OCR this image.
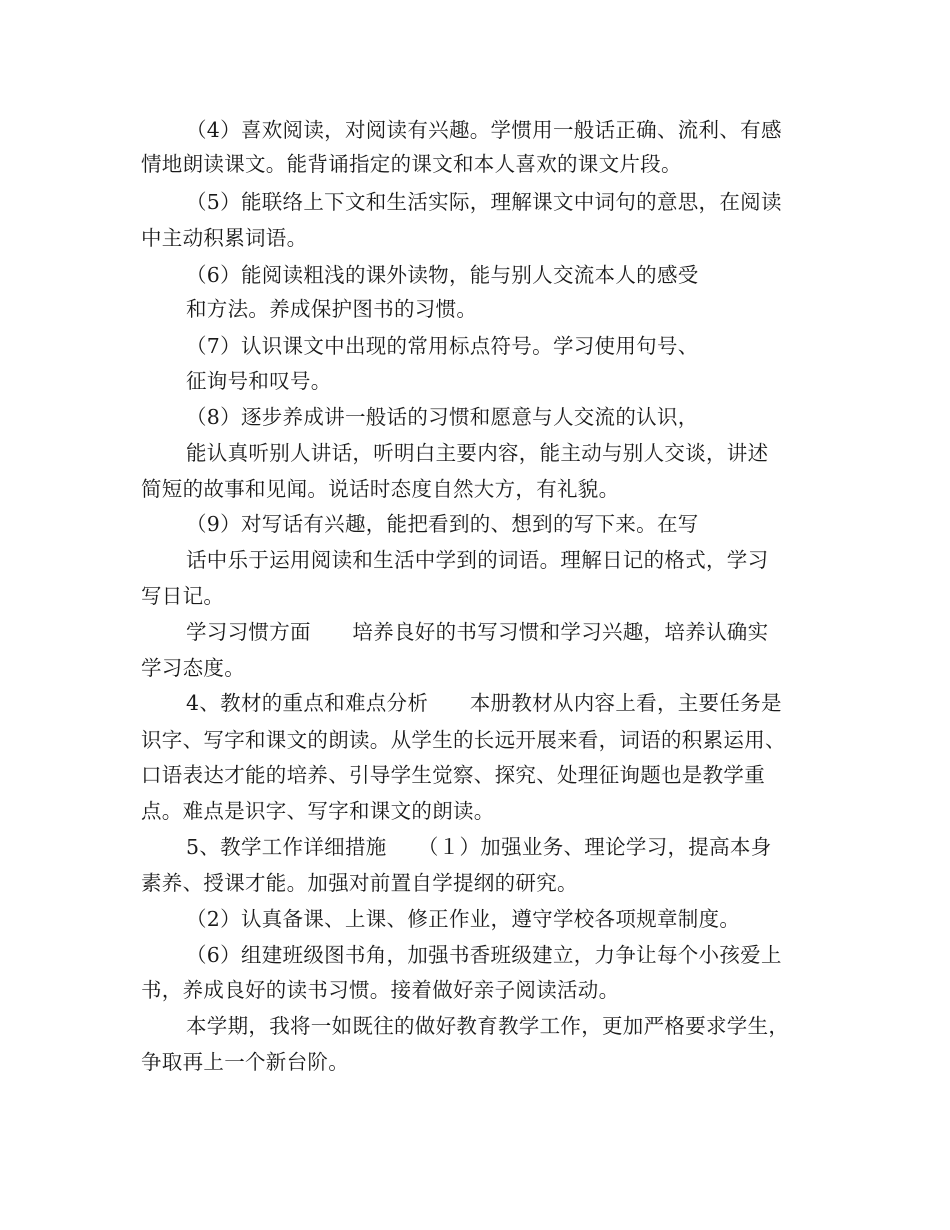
（4）喜欢阅读，对阅读有兴趣。学惯用一般话正确、流利、有感
情地朗读课文。能背诵指定的课文和本人喜欢的课文片段。
（5）能联络上下文和生活实际，理解课文中词句的意思，在阅读
中主动积累词语。
（6）能阅读粗浅的课外读物，能与别人交流本人的感受
和方法。养成保护图书的习惯。
（7）认识课文中出现的常用标点符号。学习使用句号、
征询号和叹号。
（8）逐步养成讲一般话的习惯和愿意与人交流的认识，
能认真听别人讲话，听明白主要内容，能主动与别人交谈，讲述
简短的故事和见闻。说话时态度自然大方，有礼貌。
（9）对写话有兴趣，能把看到的、想到的写下来。在写
话中乐于运用阅读和生活中学到的词语。理解日记的格式，学习
写日记。
学习习惯方面　　培养良好的书写习惯和学习兴趣，培养认确实
学习态度。
4、教材的重点和难点分析　　本册教材从内容上看，主要任务是
识字、写字和课文的朗读。从学生的长远开展来看，词语的积累运用、
口语表达才能的培养、引导学生觉察、探究、处理征询题也是教学重
点。难点是识字、写字和课文的朗读。
5、教学工作详细措施　　（１）加强业务、理论学习，提高本身
素养、授课才能。加强对前置自学提纲的研究。
（2）认真备课、上课、修正作业，遵守学校各项规章制度。
（6）组建班级图书角，加强书香班级建立，力争让每个小孩爱上
书，养成良好的读书习惯。接着做好亲子阅读活动。
本学期，我将一如既往的做好教育教学工作，更加严格要求学生，
争取再上一个新台阶。
